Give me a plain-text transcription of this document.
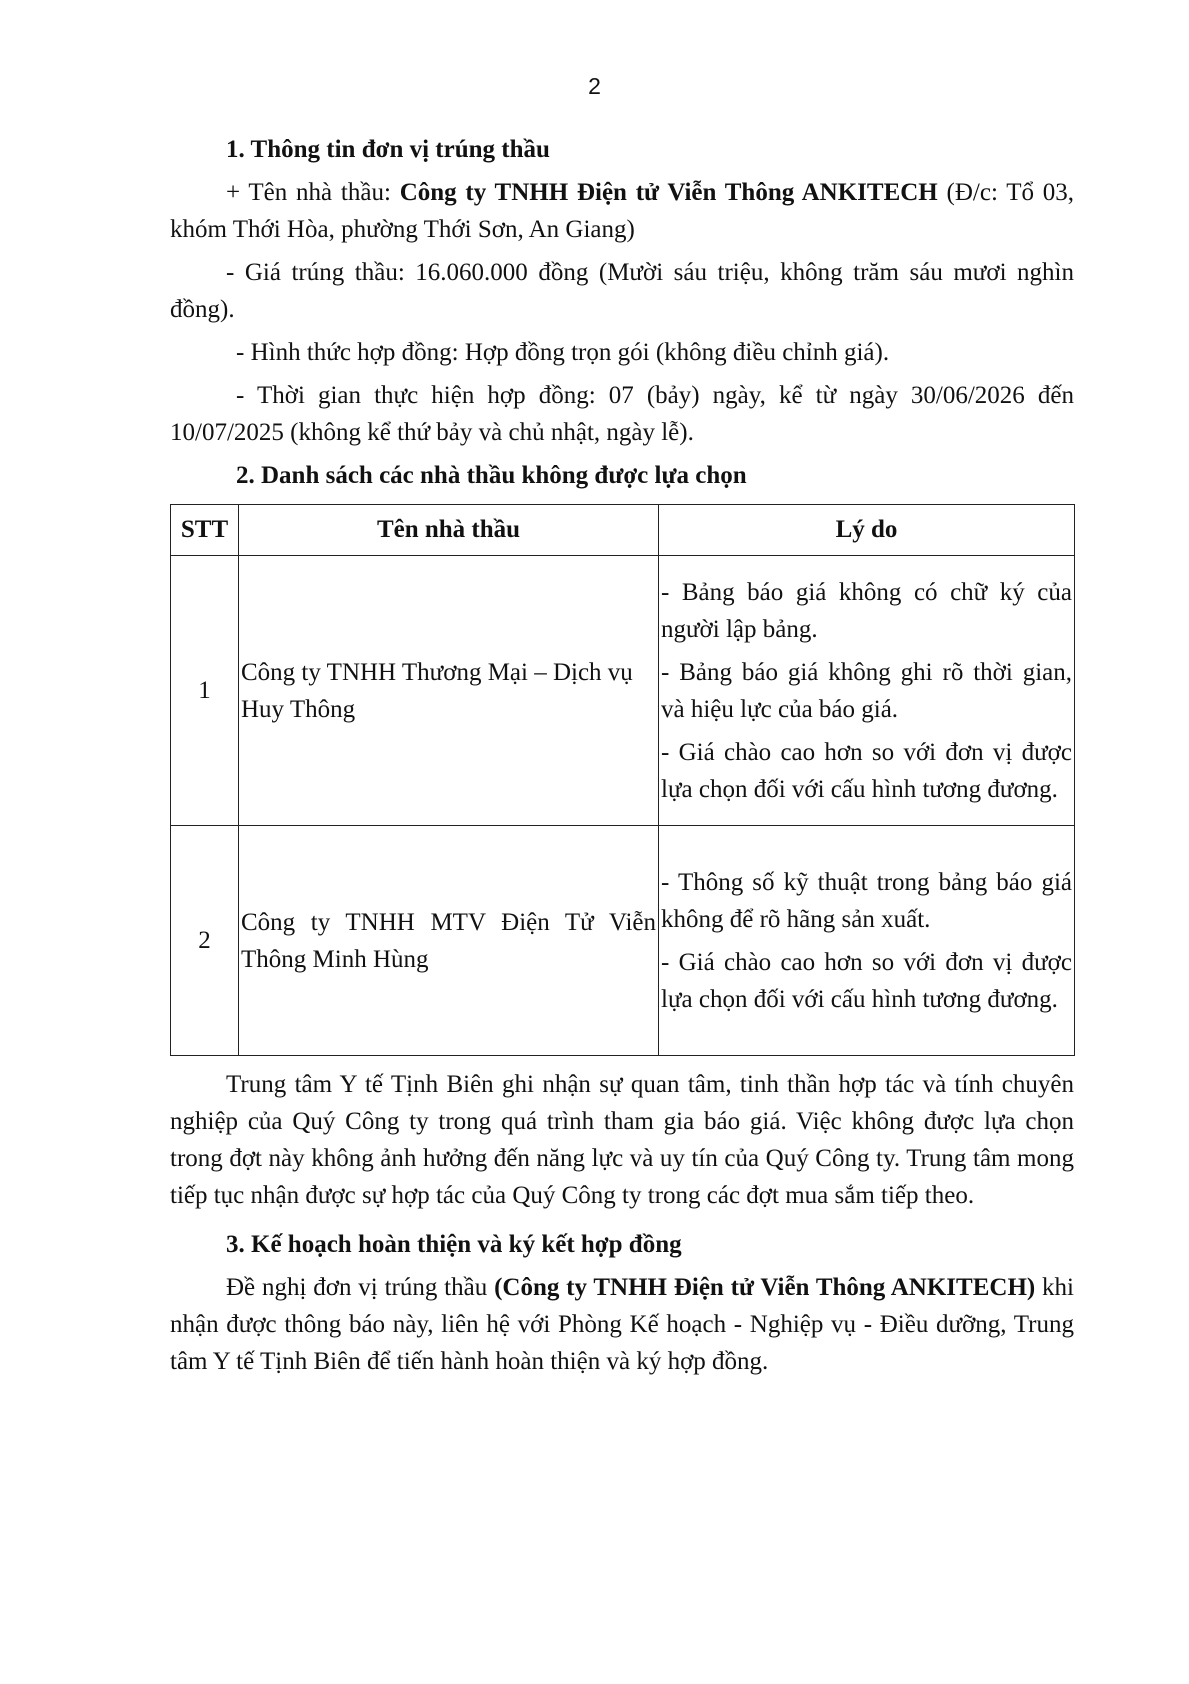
2

1. Thông tin đơn vị trúng thầu

+ Tên nhà thầu: Công ty TNHH Điện tử Viễn Thông ANKITECH (Đ/c: Tổ 03, khóm Thới Hòa, phường Thới Sơn, An Giang)

- Giá trúng thầu: 16.060.000 đồng (Mười sáu triệu, không trăm sáu mươi nghìn đồng).

- Hình thức hợp đồng: Hợp đồng trọn gói (không điều chỉnh giá).

- Thời gian thực hiện hợp đồng: 07 (bảy) ngày, kể từ ngày 30/06/2026 đến 10/07/2025 (không kể thứ bảy và chủ nhật, ngày lễ).

2. Danh sách các nhà thầu không được lựa chọn

STT	Tên nhà thầu	Lý do
1	Công ty TNHH Thương Mại – Dịch vụ Huy Thông	- Bảng báo giá không có chữ ký của người lập bảng.

- Bảng báo giá không ghi rõ thời gian, và hiệu lực của báo giá.

- Giá chào cao hơn so với đơn vị được lựa chọn đối với cấu hình tương đương.

2	Công ty TNHH MTV Điện Tử Viễn Thông Minh Hùng	- Thông số kỹ thuật trong bảng báo giá không để rõ hãng sản xuất.

- Giá chào cao hơn so với đơn vị được lựa chọn đối với cấu hình tương đương.

Trung tâm Y tế Tịnh Biên ghi nhận sự quan tâm, tinh thần hợp tác và tính chuyên nghiệp của Quý Công ty trong quá trình tham gia báo giá. Việc không được lựa chọn trong đợt này không ảnh hưởng đến năng lực và uy tín của Quý Công ty. Trung tâm mong tiếp tục nhận được sự hợp tác của Quý Công ty trong các đợt mua sắm tiếp theo.

3. Kế hoạch hoàn thiện và ký kết hợp đồng

Đề nghị đơn vị trúng thầu (Công ty TNHH Điện tử Viễn Thông ANKITECH) khi nhận được thông báo này, liên hệ với Phòng Kế hoạch - Nghiệp vụ - Điều dưỡng, Trung tâm Y tế Tịnh Biên để tiến hành hoàn thiện và ký hợp đồng.
